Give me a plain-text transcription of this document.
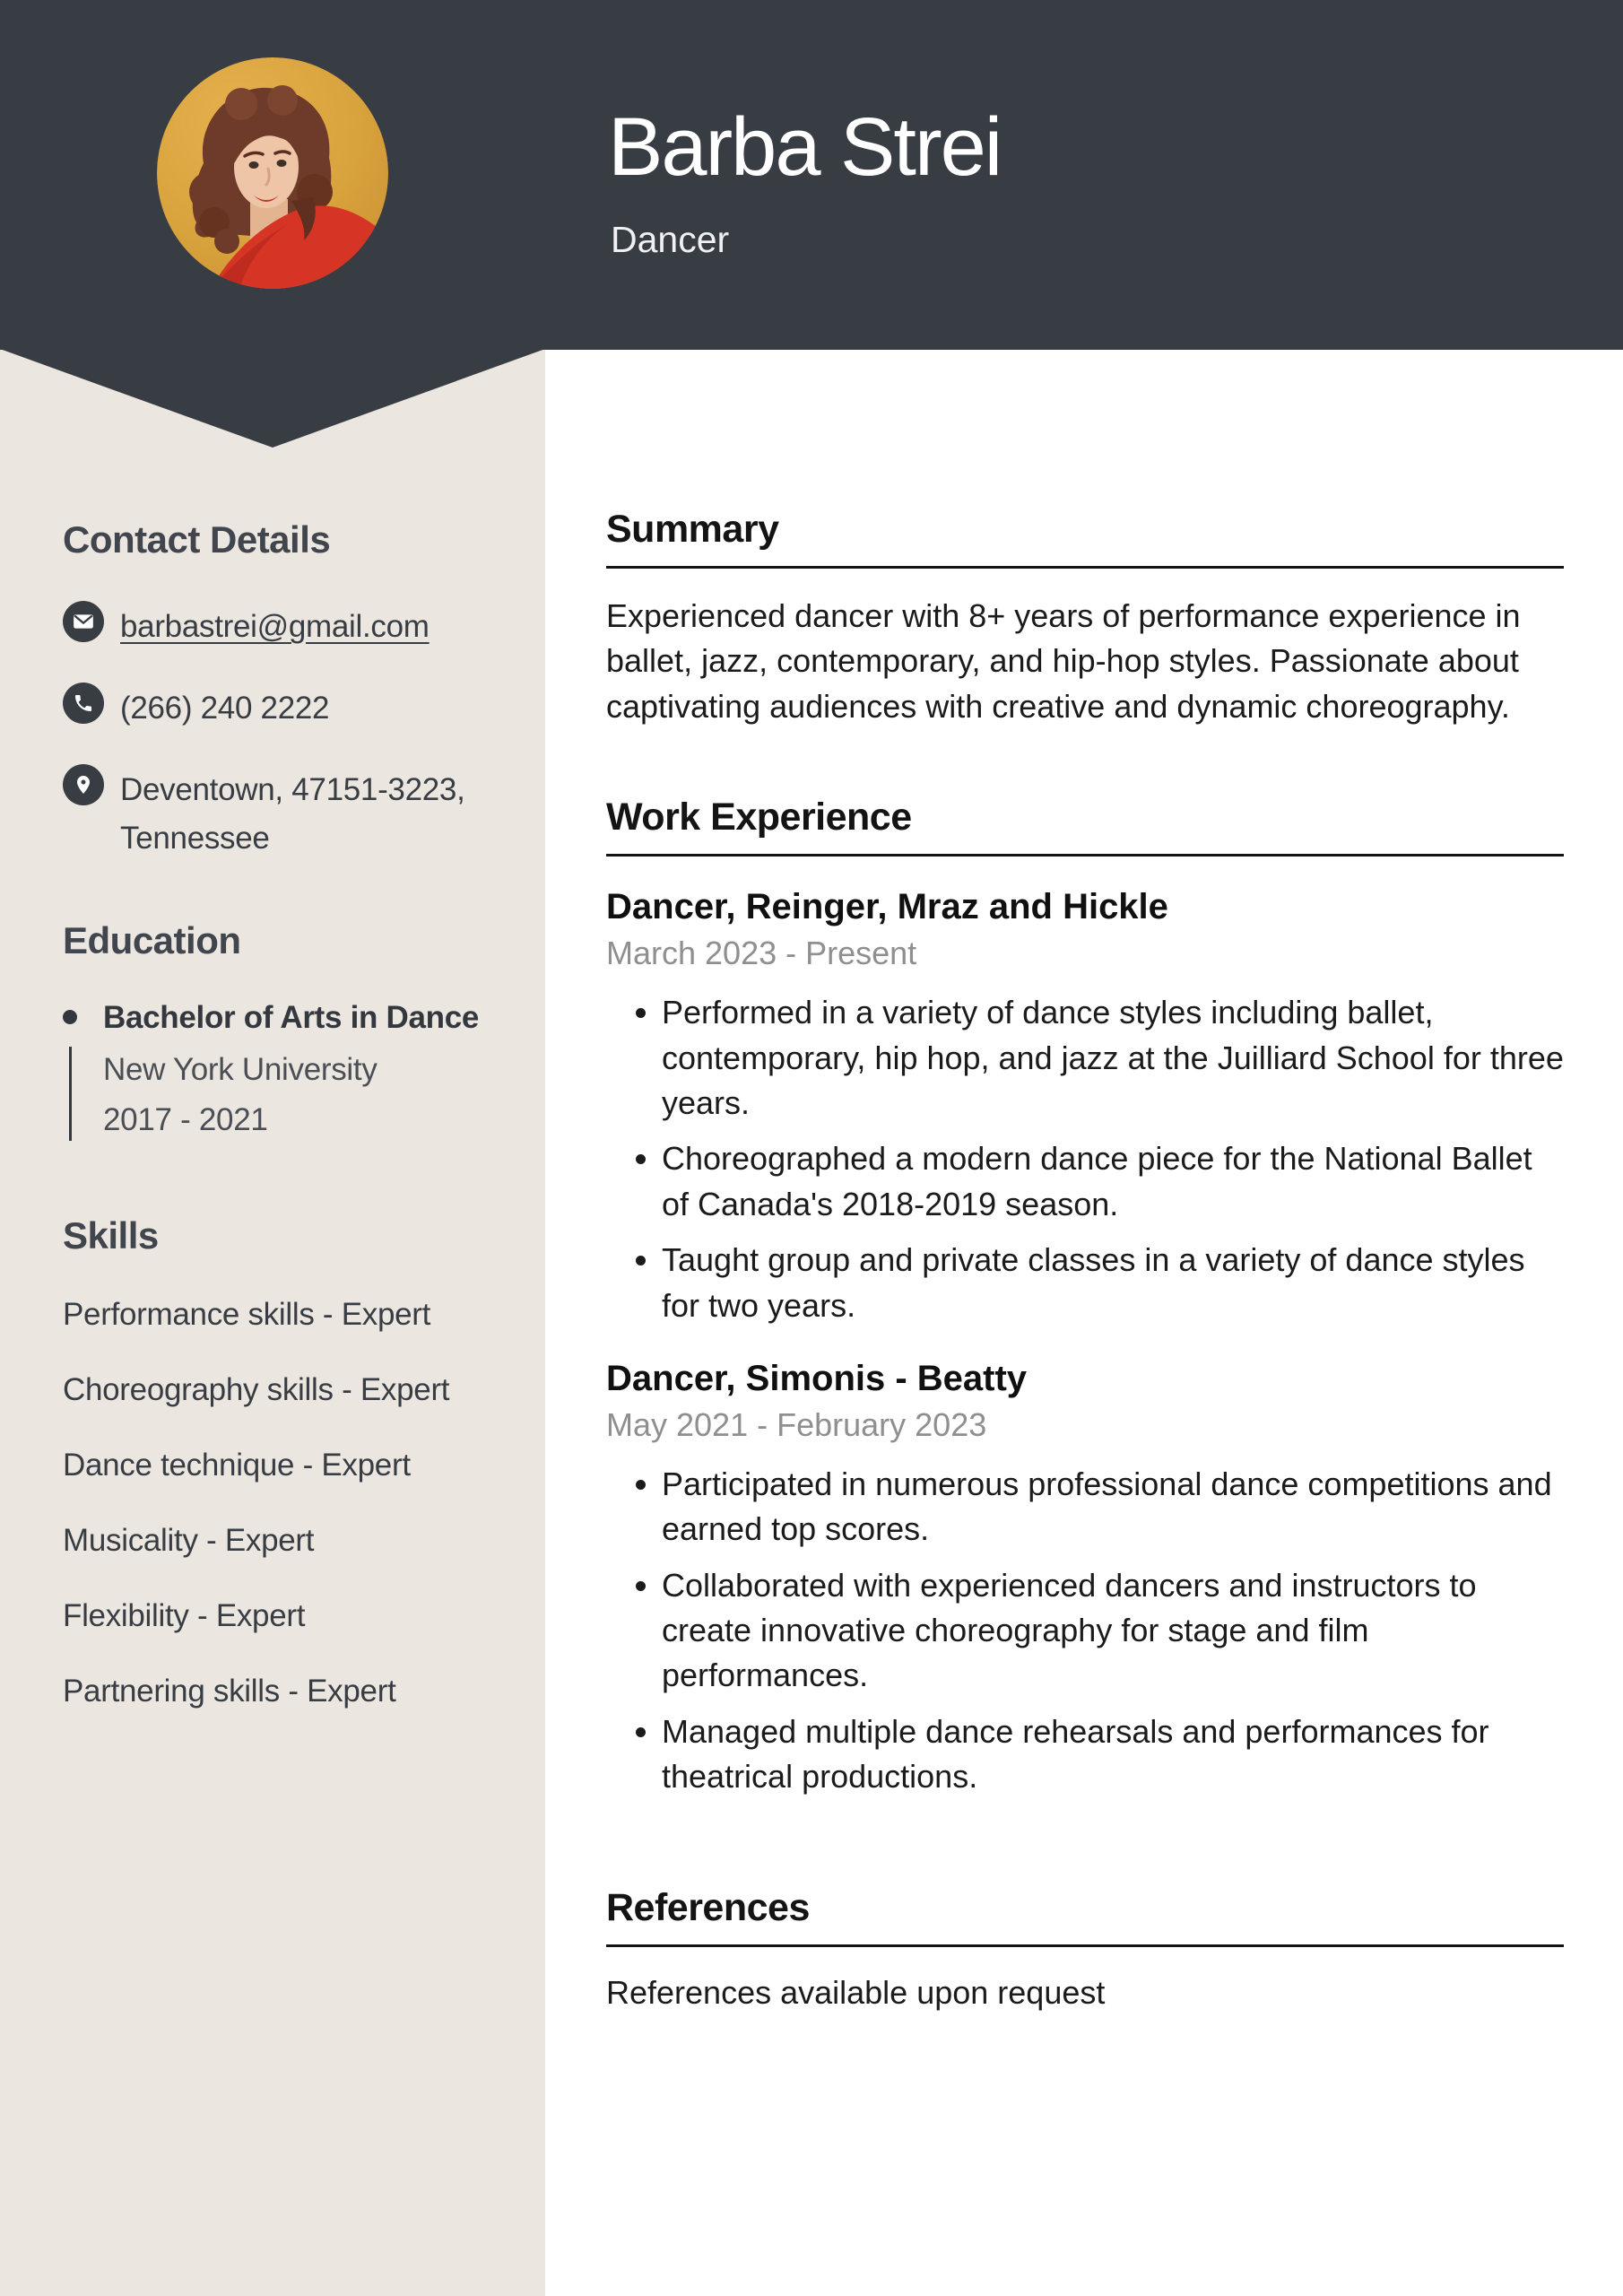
Barba Strei
Dancer
Contact Details
barbastrei@gmail.com
(266) 240 2222
Deventown, 47151-3223, Tennessee
Education
Bachelor of Arts in Dance
New York University
2017 - 2021
Skills
Performance skills - Expert
Choreography skills - Expert
Dance technique - Expert
Musicality - Expert
Flexibility - Expert
Partnering skills - Expert
Summary

Experienced dancer with 8+ years of performance experience in ballet, jazz, contemporary, and hip-hop styles. Passionate about captivating audiences with creative and dynamic choreography.

Work Experience
Dancer, Reinger, Mraz and Hickle
March 2023 - Present
• Performed in a variety of dance styles including ballet, contemporary, hip hop, and jazz at the Juilliard School for three years.
• Choreographed a modern dance piece for the National Ballet of Canada's 2018-2019 season.
• Taught group and private classes in a variety of dance styles for two years.
Dancer, Simonis - Beatty
May 2021 - February 2023
• Participated in numerous professional dance competitions and earned top scores.
• Collaborated with experienced dancers and instructors to create innovative choreography for stage and film performances.
• Managed multiple dance rehearsals and performances for theatrical productions.
References

References available upon request
